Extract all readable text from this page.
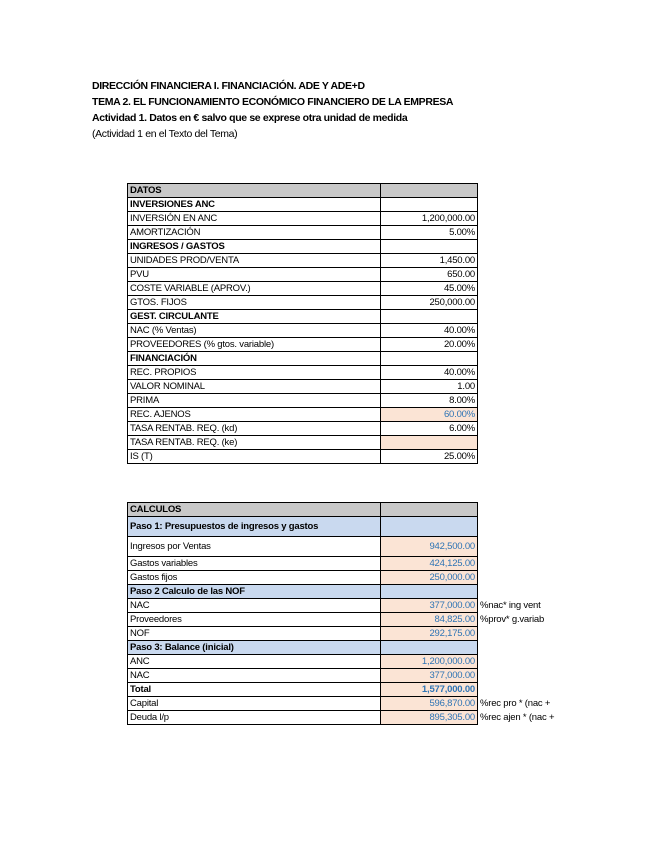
DIRECCIÓN FINANCIERA I. FINANCIACIÓN. ADE Y ADE+D
TEMA 2. EL FUNCIONAMIENTO ECONÓMICO FINANCIERO DE LA EMPRESA
Actividad 1. Datos en € salvo que se exprese otra unidad de medida
(Actividad 1 en el Texto del Tema)
DATOS	
INVERSIONES ANC	
INVERSIÓN EN ANC	1,200,000.00
AMORTIZACIÓN	5.00%
INGRESOS / GASTOS	
UNIDADES PROD/VENTA	1,450.00
PVU	650.00
COSTE VARIABLE (APROV.)	45.00%
GTOS. FIJOS	250,000.00
GEST. CIRCULANTE	
NAC (% Ventas)	40.00%
PROVEEDORES (% gtos. variable)	20.00%
FINANCIACIÓN	
REC. PROPIOS	40.00%
VALOR NOMINAL	1.00
PRIMA	8.00%
REC. AJENOS	60.00%
TASA RENTAB. REQ. (kd)	6.00%
TASA RENTAB. REQ. (ke)	
IS (T)	25.00%
CALCULOS		
Paso 1: Presupuestos de ingresos y gastos		
Ingresos por Ventas	942,500.00	
Gastos variables	424,125.00	
Gastos fijos	250,000.00	
Paso 2 Calculo de las NOF		
NAC	377,000.00	%nac* ing vent
Proveedores	84,825.00	%prov* g.variab
NOF	292,175.00	
Paso 3: Balance (inicial)		
ANC	1,200,000.00	
NAC	377,000.00	
Total	1,577,000.00	
Capital	596,870.00	%rec pro * (nac +
Deuda l/p	895,305.00	%rec ajen * (nac +
